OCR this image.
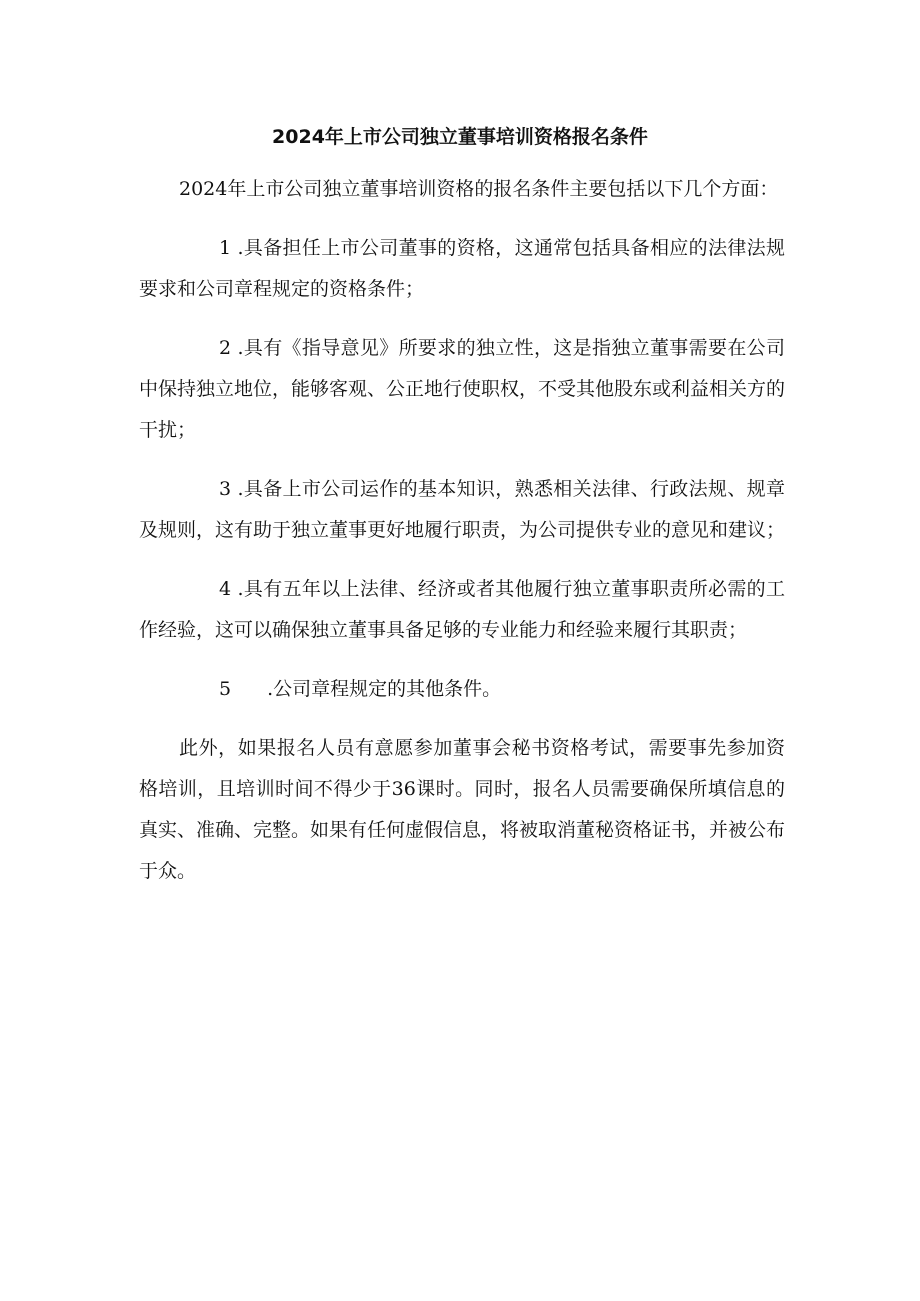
2024年上市公司独立董事培训资格报名条件

2024年上市公司独立董事培训资格的报名条件主要包括以下几个方面：

1 .具备担任上市公司董事的资格，这通常包括具备相应的法律法规要求和公司章程规定的资格条件；

2 .具有《指导意见》所要求的独立性，这是指独立董事需要在公司中保持独立地位，能够客观、公正地行使职权，不受其他股东或利益相关方的干扰；

3 .具备上市公司运作的基本知识，熟悉相关法律、行政法规、规章及规则，这有助于独立董事更好地履行职责，为公司提供专业的意见和建议；

4 .具有五年以上法律、经济或者其他履行独立董事职责所必需的工作经验，这可以确保独立董事具备足够的专业能力和经验来履行其职责；

5 .公司章程规定的其他条件。

此外，如果报名人员有意愿参加董事会秘书资格考试，需要事先参加资格培训，且培训时间不得少于36课时。同时，报名人员需要确保所填信息的真实、准确、完整。如果有任何虚假信息，将被取消董秘资格证书，并被公布于众。
